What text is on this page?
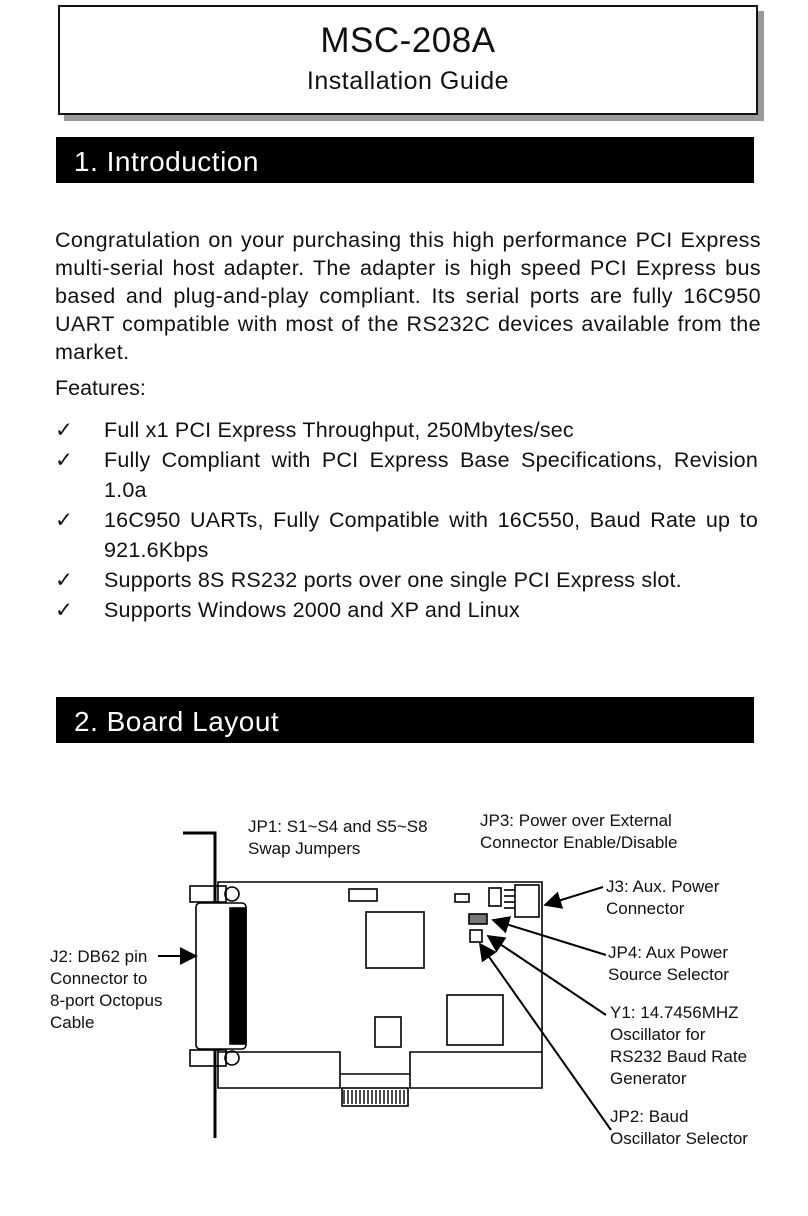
MSC-208A
Installation Guide
1. Introduction

Congratulation on your purchasing this high performance PCI Express multi-serial host adapter. The adapter is high speed PCI Express bus based and plug-and-play compliant. Its serial ports are fully 16C950 UART compatible with most of the RS232C devices available from the market.

Features:

✓ Full x1 PCI Express Throughput, 250Mbytes/sec
✓ Fully Compliant with PCI Express Base Specifications, Revision 1.0a
✓ 16C950 UARTs, Fully Compatible with 16C550, Baud Rate up to 921.6Kbps
✓ Supports 8S RS232 ports over one single PCI Express slot.
✓ Supports Windows 2000 and XP and Linux
2. Board Layout
JP1: S1~S4 and S5~S8
Swap Jumpers
JP3: Power over External
Connector Enable/Disable
J3: Aux. Power
Connector
J2: DB62 pin
Connector to
8-port Octopus
Cable
JP4: Aux Power
Source Selector
Y1: 14.7456MHZ
Oscillator for
RS232 Baud Rate
Generator
JP2: Baud
Oscillator Selector
